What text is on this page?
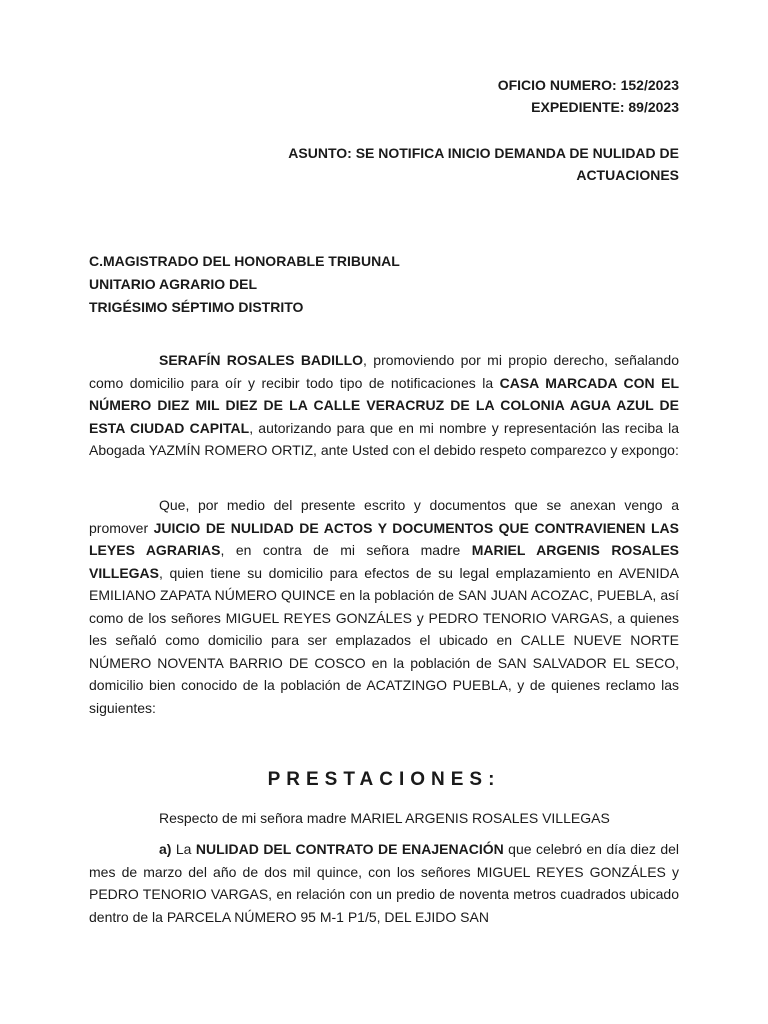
OFICIO NUMERO: 152/2023
EXPEDIENTE: 89/2023
ASUNTO: SE NOTIFICA INICIO DEMANDA DE NULIDAD DE
ACTUACIONES
C.MAGISTRADO DEL HONORABLE TRIBUNAL
UNITARIO AGRARIO DEL
TRIGÉSIMO SÉPTIMO DISTRITO

SERAFÍN ROSALES BADILLO, promoviendo por mi propio derecho, señalando como domicilio para oír y recibir todo tipo de notificaciones la CASA MARCADA CON EL NÚMERO DIEZ MIL DIEZ DE LA CALLE VERACRUZ DE LA COLONIA AGUA AZUL DE ESTA CIUDAD CAPITAL, autorizando para que en mi nombre y representación las reciba la Abogada YAZMÍN ROMERO ORTIZ, ante Usted con el debido respeto comparezco y expongo:

Que, por medio del presente escrito y documentos que se anexan vengo a promover JUICIO DE NULIDAD DE ACTOS Y DOCUMENTOS QUE CONTRAVIENEN LAS LEYES AGRARIAS, en contra de mi señora madre MARIEL ARGENIS ROSALES VILLEGAS, quien tiene su domicilio para efectos de su legal emplazamiento en AVENIDA EMILIANO ZAPATA NÚMERO QUINCE en la población de SAN JUAN ACOZAC, PUEBLA, así como de los señores MIGUEL REYES GONZÁLES y PEDRO TENORIO VARGAS, a quienes les señaló como domicilio para ser emplazados el ubicado en CALLE NUEVE NORTE NÚMERO NOVENTA BARRIO DE COSCO en la población de SAN SALVADOR EL SECO, domicilio bien conocido de la población de ACATZINGO PUEBLA, y de quienes reclamo las siguientes:

PRESTACIONES:

Respecto de mi señora madre MARIEL ARGENIS ROSALES VILLEGAS

a) La NULIDAD DEL CONTRATO DE ENAJENACIÓN que celebró en día diez del mes de marzo del año de dos mil quince, con los señores MIGUEL REYES GONZÁLES y PEDRO TENORIO VARGAS, en relación con un predio de noventa metros cuadrados ubicado dentro de la PARCELA NÚMERO 95 M-1 P1/5, DEL EJIDO SAN
